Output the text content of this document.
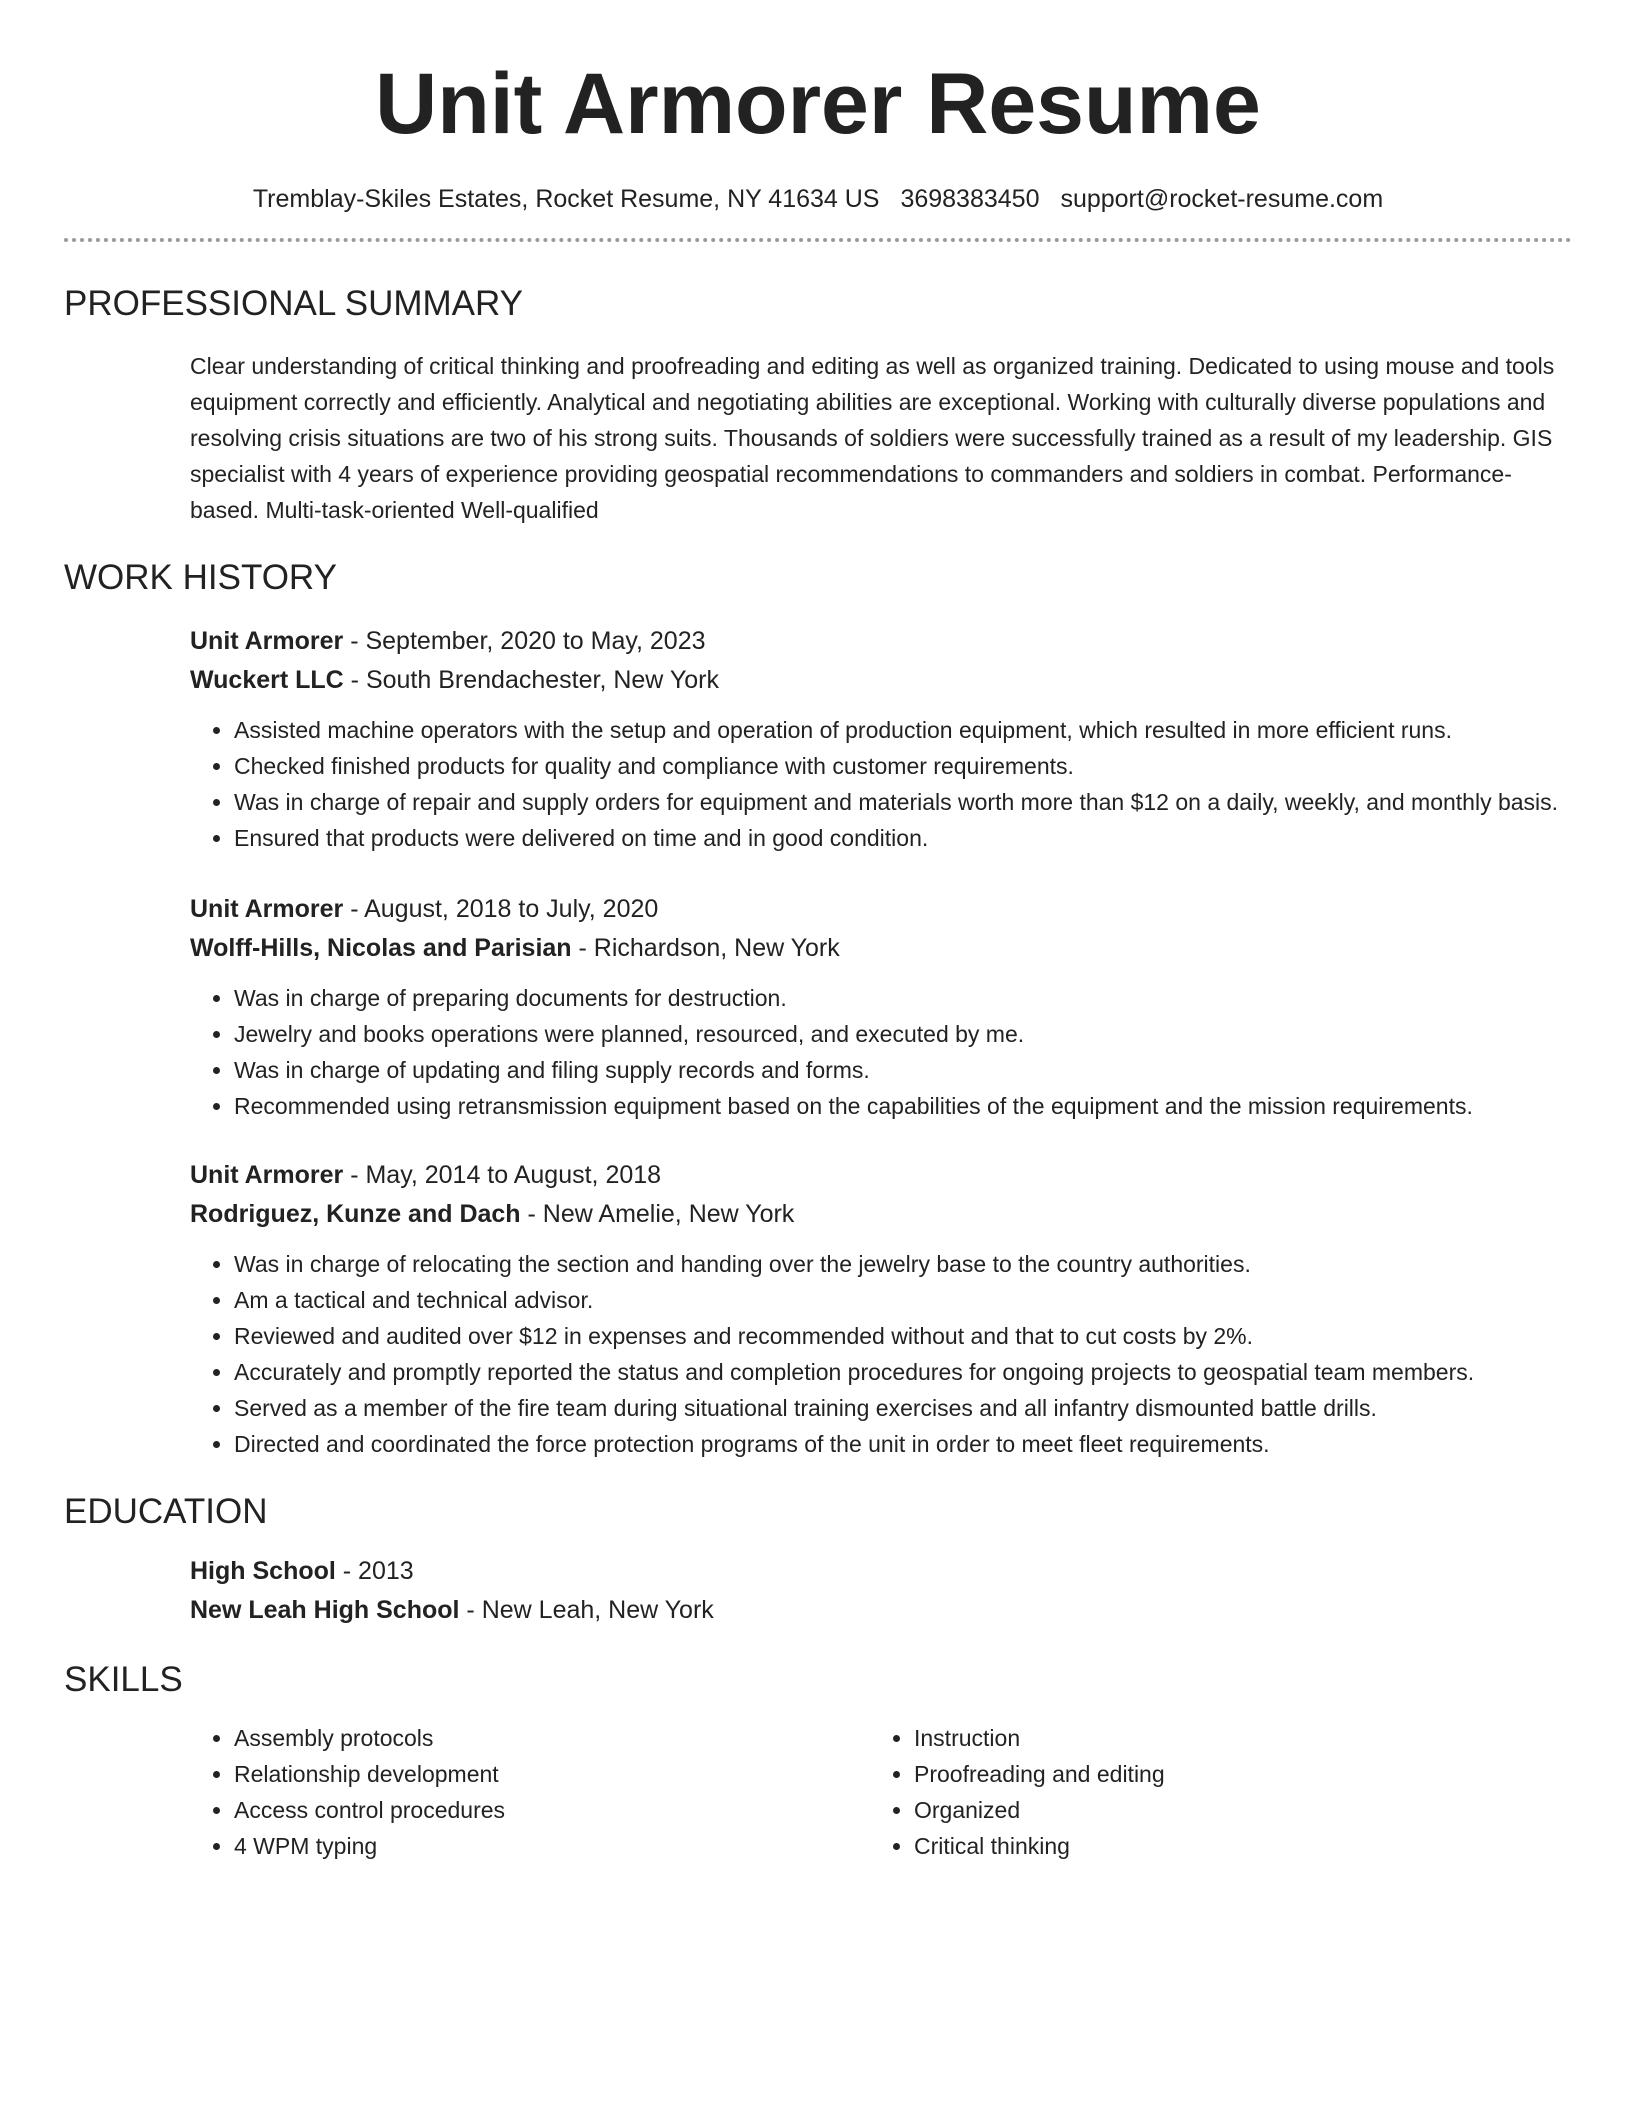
Unit Armorer Resume
Tremblay-Skiles Estates, Rocket Resume, NY 41634 US 3698383450 support@rocket-resume.com
PROFESSIONAL SUMMARY
Clear understanding of critical thinking and proofreading and editing as well as organized training. Dedicated to using mouse and tools equipment correctly and efficiently. Analytical and negotiating abilities are exceptional. Working with culturally diverse populations and resolving crisis situations are two of his strong suits. Thousands of soldiers were successfully trained as a result of my leadership. GIS specialist with 4 years of experience providing geospatial recommendations to commanders and soldiers in combat. Performance-based. Multi-task-oriented Well-qualified
WORK HISTORY
Unit Armorer - September, 2020 to May, 2023
Wuckert LLC - South Brendachester, New York
• Assisted machine operators with the setup and operation of production equipment, which resulted in more efficient runs.
• Checked finished products for quality and compliance with customer requirements.
• Was in charge of repair and supply orders for equipment and materials worth more than $12 on a daily, weekly, and monthly basis.
• Ensured that products were delivered on time and in good condition.
Unit Armorer - August, 2018 to July, 2020
Wolff-Hills, Nicolas and Parisian - Richardson, New York
• Was in charge of preparing documents for destruction.
• Jewelry and books operations were planned, resourced, and executed by me.
• Was in charge of updating and filing supply records and forms.
• Recommended using retransmission equipment based on the capabilities of the equipment and the mission requirements.
Unit Armorer - May, 2014 to August, 2018
Rodriguez, Kunze and Dach - New Amelie, New York
• Was in charge of relocating the section and handing over the jewelry base to the country authorities.
• Am a tactical and technical advisor.
• Reviewed and audited over $12 in expenses and recommended without and that to cut costs by 2%.
• Accurately and promptly reported the status and completion procedures for ongoing projects to geospatial team members.
• Served as a member of the fire team during situational training exercises and all infantry dismounted battle drills.
• Directed and coordinated the force protection programs of the unit in order to meet fleet requirements.
EDUCATION
High School - 2013
New Leah High School - New Leah, New York
SKILLS
• Assembly protocols
• Relationship development
• Access control procedures
• 4 WPM typing
• Instruction
• Proofreading and editing
• Organized
• Critical thinking
